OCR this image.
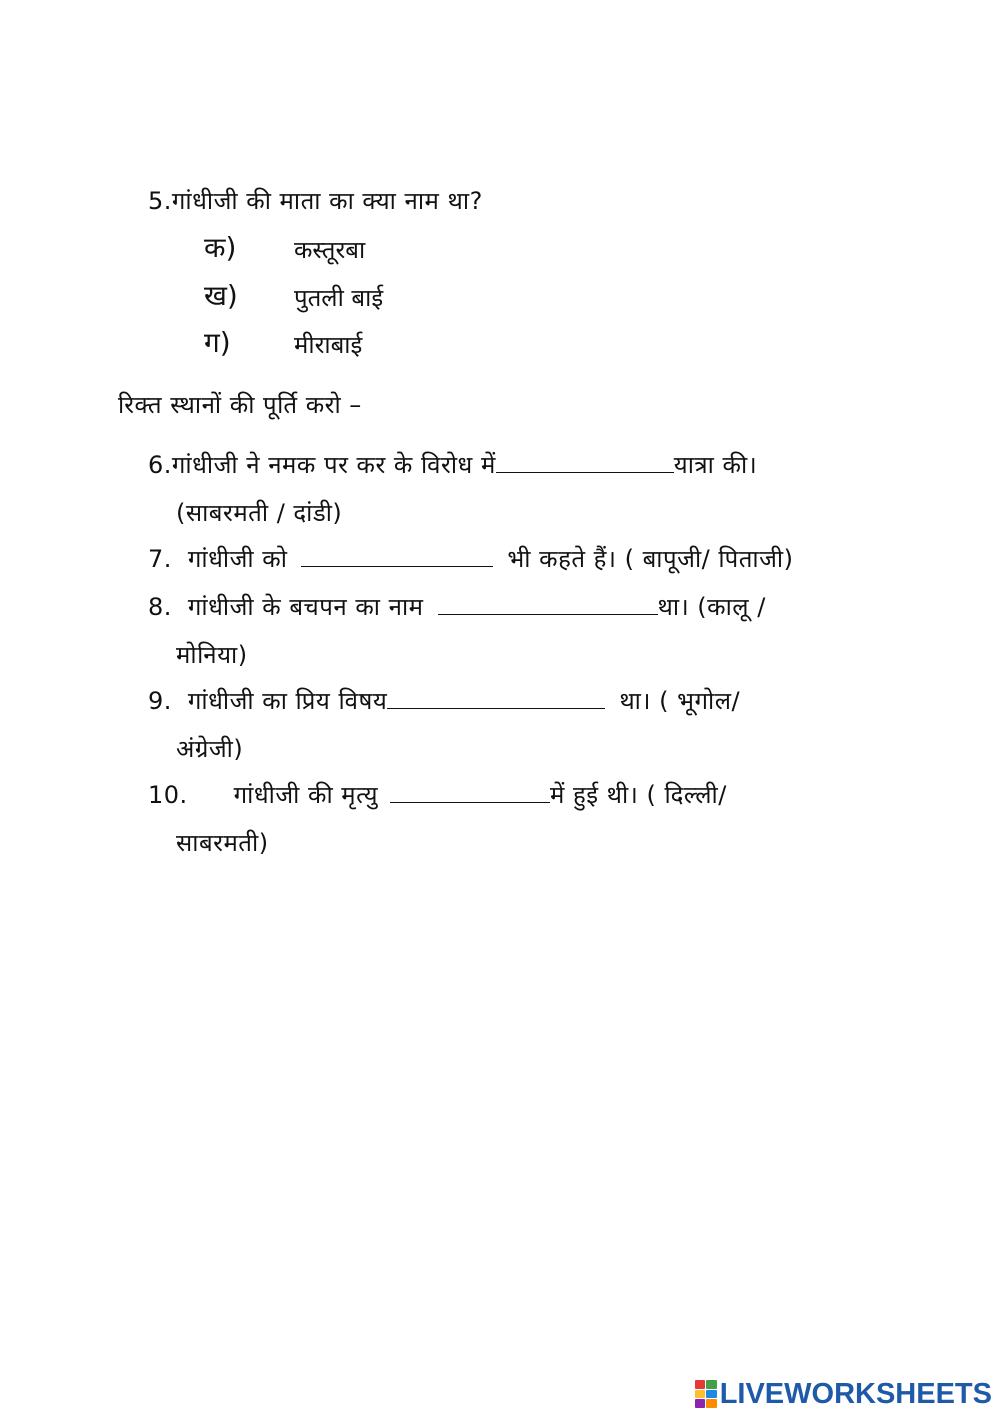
5.गांधीजी की माता का क्या नाम था?
क) कस्तूरबा
ख) पुतली बाई
ग)	मीराबाई
रिक्त स्थानों की पूर्ति करो –
6.गांधीजी ने नमक पर कर के विरोध में	यात्रा की।
(साबरमती / दांडी)
7. गांधीजी को	भी कहते हैं। ( बापूजी/ पिताजी)
8. गांधीजी के बचपन का नाम	था। (कालू /
मोनिया)
9. गांधीजी का प्रिय विषय	था। ( भूगोल/
अंग्रेजी)
10. गांधीजी की मृत्यु	में हुई थी। ( दिल्ली/
साबरमती)
LIVEWORKSHEETS
